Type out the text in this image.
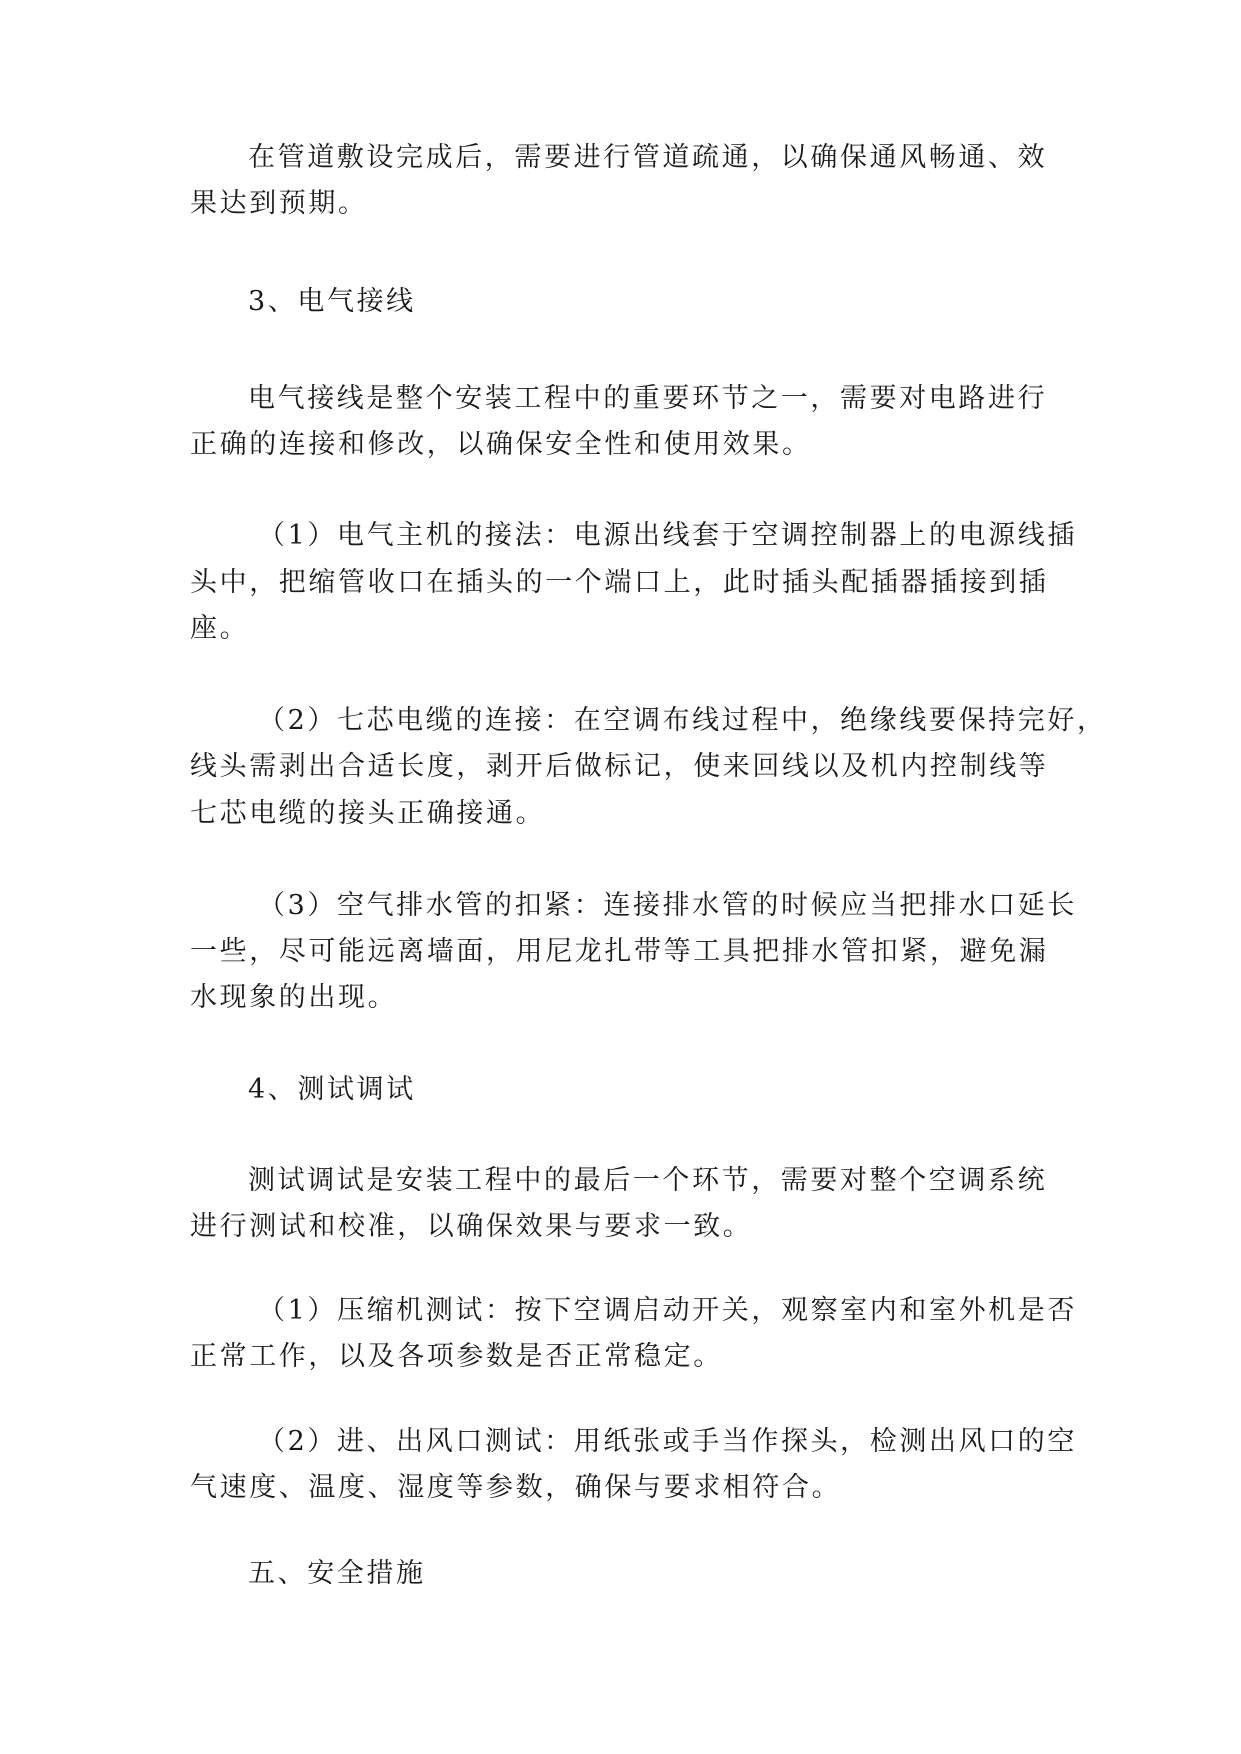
在管道敷设完成后，需要进行管道疏通，以确保通风畅通、效
果达到预期。
3、电气接线
电气接线是整个安装工程中的重要环节之一，需要对电路进行
正确的连接和修改，以确保安全性和使用效果。
（1）电气主机的接法：电源出线套于空调控制器上的电源线插
头中，把缩管收口在插头的一个端口上，此时插头配插器插接到插
座。
（2）七芯电缆的连接：在空调布线过程中，绝缘线要保持完好，
线头需剥出合适长度，剥开后做标记，使来回线以及机内控制线等
七芯电缆的接头正确接通。
（3）空气排水管的扣紧：连接排水管的时候应当把排水口延长
一些，尽可能远离墙面，用尼龙扎带等工具把排水管扣紧，避免漏
水现象的出现。
4、测试调试
测试调试是安装工程中的最后一个环节，需要对整个空调系统
进行测试和校准，以确保效果与要求一致。
（1）压缩机测试：按下空调启动开关，观察室内和室外机是否
正常工作，以及各项参数是否正常稳定。
（2）进、出风口测试：用纸张或手当作探头，检测出风口的空
气速度、温度、湿度等参数，确保与要求相符合。
五、安全措施
